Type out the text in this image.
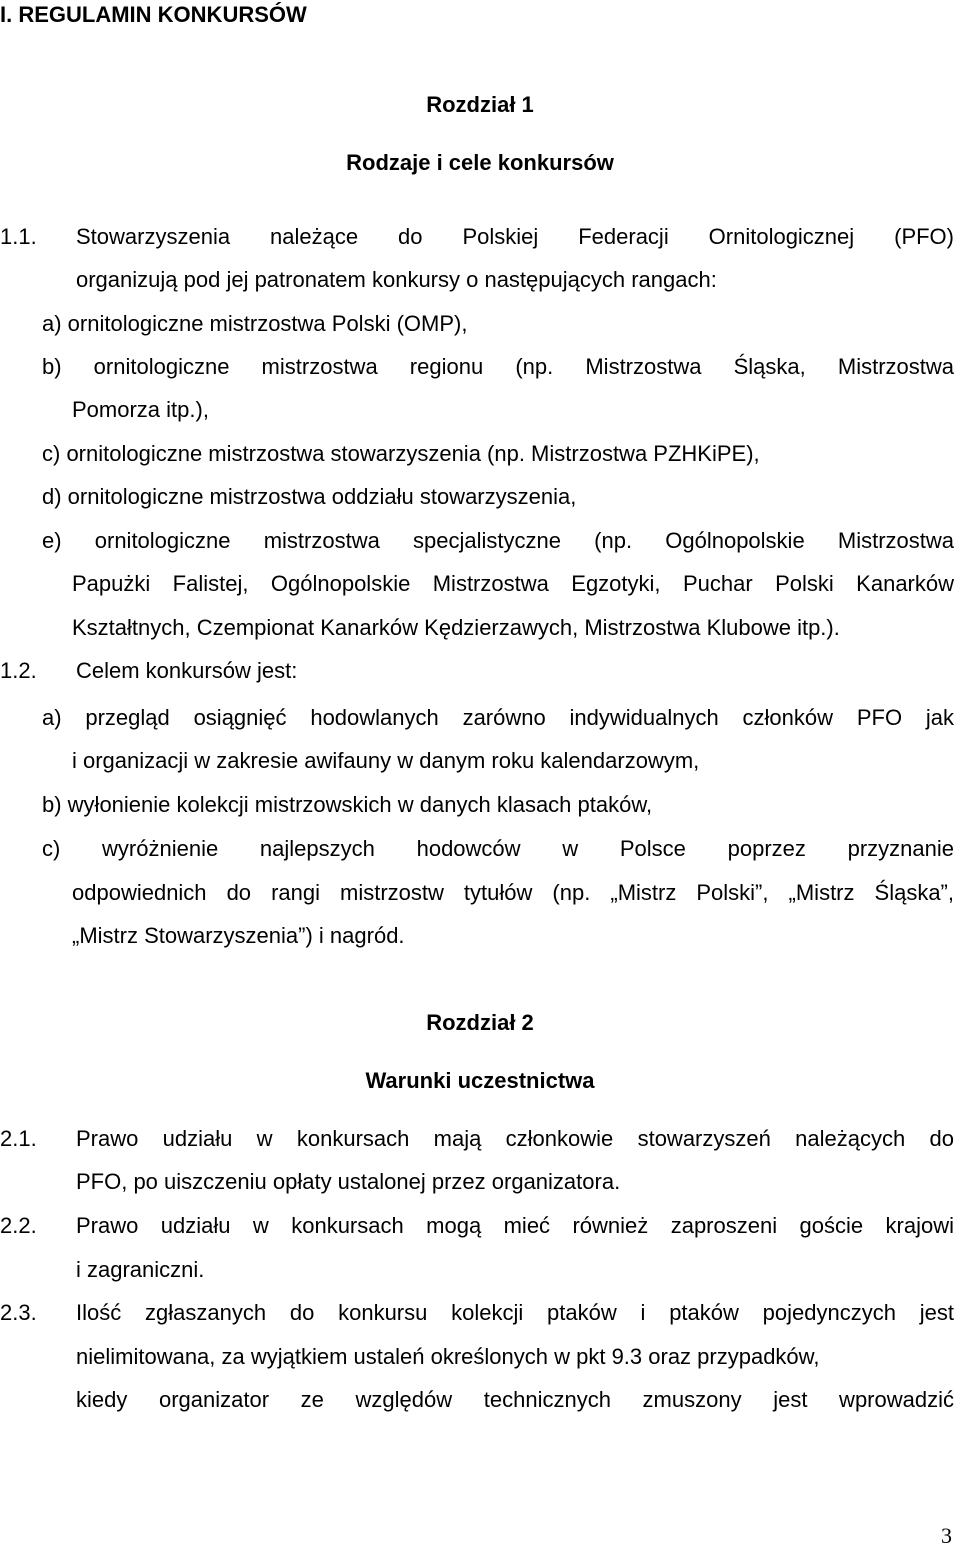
I. REGULAMIN KONKURSÓW
Rozdział 1
Rodzaje i cele konkursów
1.1. Stowarzyszenia należące do Polskiej Federacji Ornitologicznej (PFO)
organizują pod jej patronatem konkursy o następujących rangach:
a) ornitologiczne mistrzostwa Polski (OMP),
b) ornitologiczne mistrzostwa regionu (np. Mistrzostwa Śląska, Mistrzostwa
Pomorza itp.),
c) ornitologiczne mistrzostwa stowarzyszenia (np. Mistrzostwa PZHKiPE),
d) ornitologiczne mistrzostwa oddziału stowarzyszenia,
e) ornitologiczne mistrzostwa specjalistyczne (np. Ogólnopolskie Mistrzostwa
Papużki Falistej, Ogólnopolskie Mistrzostwa Egzotyki, Puchar Polski Kanarków
Kształtnych, Czempionat Kanarków Kędzierzawych, Mistrzostwa Klubowe itp.).
1.2. Celem konkursów jest:
a) przegląd osiągnięć hodowlanych zarówno indywidualnych członków PFO jak
i organizacji w zakresie awifauny w danym roku kalendarzowym,
b) wyłonienie kolekcji mistrzowskich w danych klasach ptaków,
c) wyróżnienie najlepszych hodowców w Polsce poprzez przyznanie
odpowiednich do rangi mistrzostw tytułów (np. „Mistrz Polski”, „Mistrz Śląska”,
„Mistrz Stowarzyszenia”) i nagród.
Rozdział 2
Warunki uczestnictwa
2.1. Prawo udziału w konkursach mają członkowie stowarzyszeń należących do
PFO, po uiszczeniu opłaty ustalonej przez organizatora.
2.2. Prawo udziału w konkursach mogą mieć również zaproszeni goście krajowi
i zagraniczni.
2.3. Ilość zgłaszanych do konkursu kolekcji ptaków i ptaków pojedynczych jest
nielimitowana, za wyjątkiem ustaleń określonych w pkt 9.3 oraz przypadków,
kiedy organizator ze względów technicznych zmuszony jest wprowadzić
3
